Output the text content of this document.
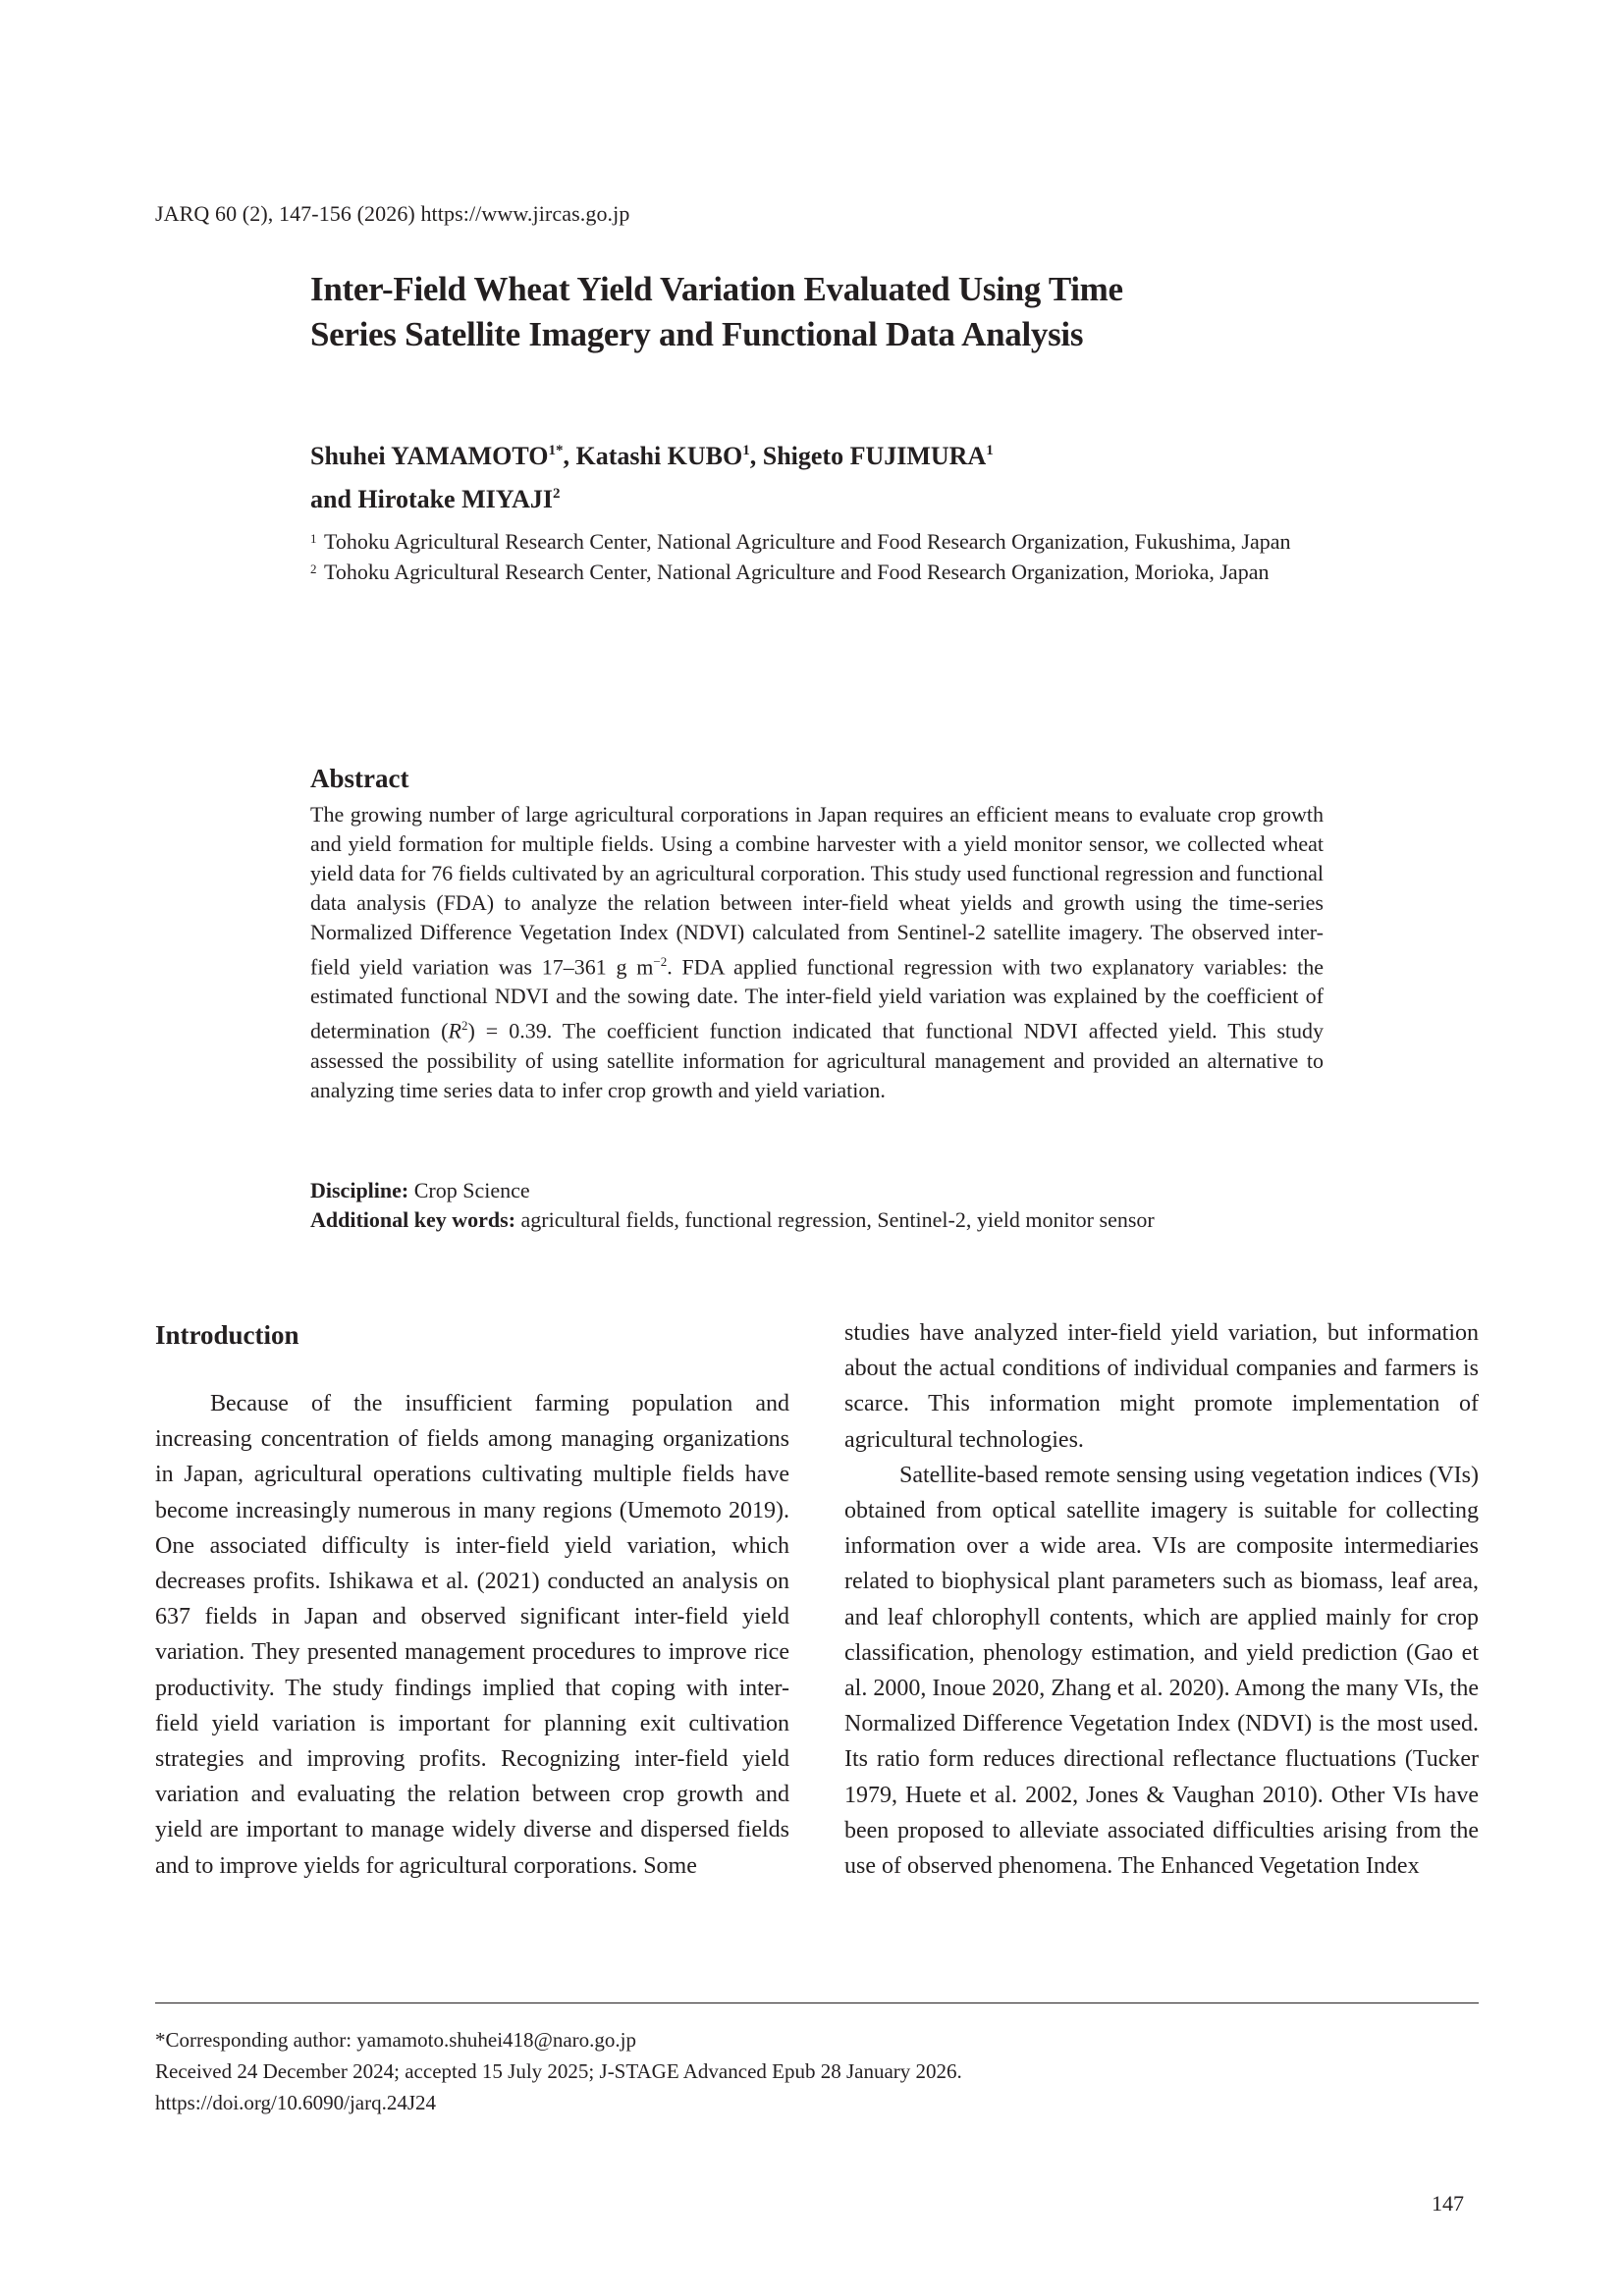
JARQ 60 (2), 147-156 (2026) https://www.jircas.go.jp
Inter-Field Wheat Yield Variation Evaluated Using Time
Series Satellite Imagery and Functional Data Analysis
Shuhei $YAMAMOTO^{1*}$, Katashi KUBO$^1$, Shigeto FUJIMURA$^1$
and Hirotake MIYAJI$^2$
1 Tohoku Agricultural Research Center, National Agriculture and Food Research Organization, Fukushima, Japan
2 Tohoku Agricultural Research Center, National Agriculture and Food Research Organization, Morioka, Japan
Abstract
The growing number of large agricultural corporations in Japan requires an efficient means to evaluate crop growth and yield formation for multiple fields. Using a combine harvester with a yield monitor sensor, we collected wheat yield data for 76 fields cultivated by an agricultural corporation. This study used functional regression and functional data analysis (FDA) to analyze the relation between inter-field wheat yields and growth using the time-series Normalized Difference Vegetation Index (NDVI) calculated from Sentinel-2 satellite imagery. The observed inter-field yield variation was 17–361 g $m^{-2}$. FDA applied functional regression with two explanatory variables: the estimated functional NDVI and the sowing date. The inter-field yield variation was explained by the coefficient of determination $(R^2) = 0.39$. The coefficient function indicated that functional NDVI affected yield. This study assessed the possibility of using satellite information for agricultural management and provided an alternative to analyzing time series data to infer crop growth and yield variation.
Discipline: Crop Science
Additional key words: agricultural fields, functional regression, Sentinel-2, yield monitor sensor
Introduction

Because of the insufficient farming population and increasing concentration of fields among managing organizations in Japan, agricultural operations cultivating multiple fields have become increasingly numerous in many regions (Umemoto 2019). One associated difficulty is inter-field yield variation, which decreases profits. Ishikawa et al. (2021) conducted an analysis on 637 fields in Japan and observed significant inter-field yield variation. They presented management procedures to improve rice productivity. The study findings implied that coping with inter-field yield variation is important for planning exit cultivation strategies and improving profits. Recognizing inter-field yield variation and evaluating the relation between crop growth and yield are important to manage widely diverse and dispersed fields and to improve yields for agricultural corporations. Some

studies have analyzed inter-field yield variation, but information about the actual conditions of individual companies and farmers is scarce. This information might promote implementation of agricultural technologies.

Satellite-based remote sensing using vegetation indices (VIs) obtained from optical satellite imagery is suitable for collecting information over a wide area. VIs are composite intermediaries related to biophysical plant parameters such as biomass, leaf area, and leaf chlorophyll contents, which are applied mainly for crop classification, phenology estimation, and yield prediction (Gao et al. 2000, Inoue 2020, Zhang et al. 2020). Among the many VIs, the Normalized Difference Vegetation Index (NDVI) is the most used. Its ratio form reduces directional reflectance fluctuations (Tucker 1979, Huete et al. 2002, Jones & Vaughan 2010). Other VIs have been proposed to alleviate associated difficulties arising from the use of observed phenomena. The Enhanced Vegetation Index

*Corresponding author: yamamoto.shuhei418@naro.go.jp
Received 24 December 2024; accepted 15 July 2025; J-STAGE Advanced Epub 28 January 2026.
https://doi.org/10.6090/jarq.24J24
147
